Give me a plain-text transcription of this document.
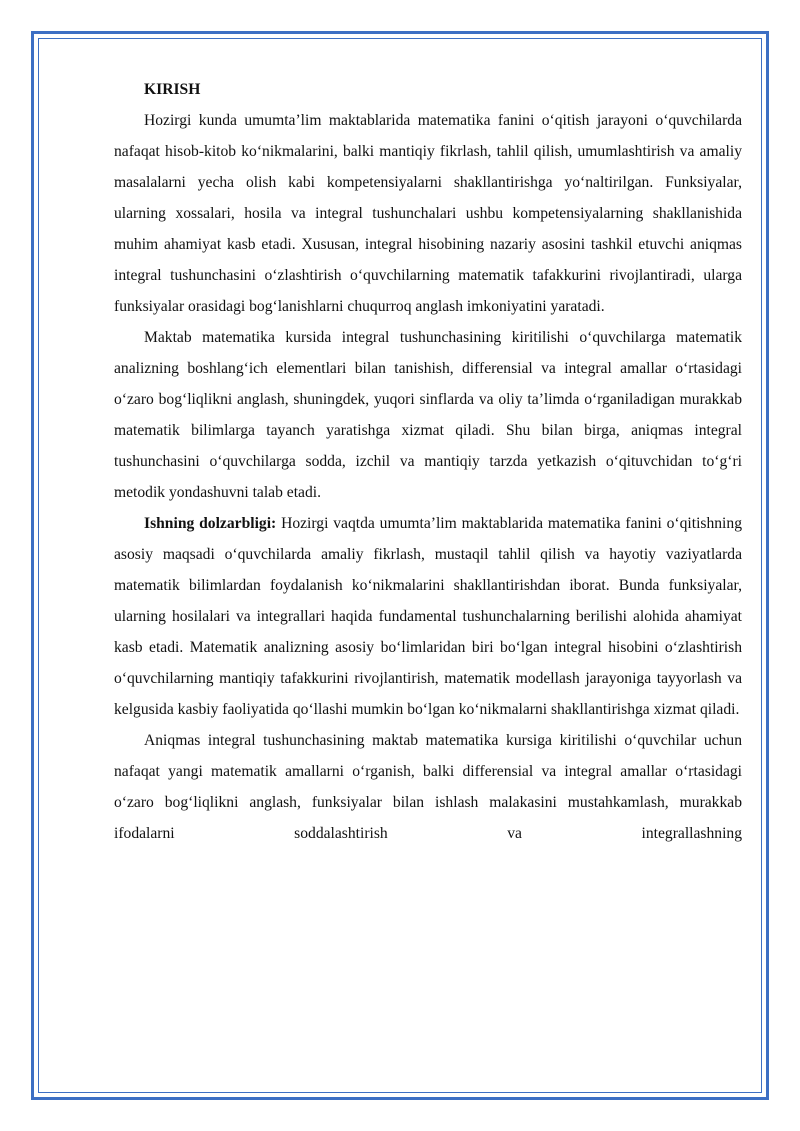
KIRISH

Hozirgi kunda umumta’lim maktablarida matematika fanini o‘qitish jarayoni o‘quvchilarda nafaqat hisob-kitob ko‘nikmalarini, balki mantiqiy fikrlash, tahlil qilish, umumlashtirish va amaliy masalalarni yecha olish kabi kompetensiyalarni shakllantirishga yo‘naltirilgan. Funksiyalar, ularning xossalari, hosila va integral tushunchalari ushbu kompetensiyalarning shakllanishida muhim ahamiyat kasb etadi. Xususan, integral hisobining nazariy asosini tashkil etuvchi aniqmas integral tushunchasini o‘zlashtirish o‘quvchilarning matematik tafakkurini rivojlantiradi, ularga funksiyalar orasidagi bog‘lanishlarni chuqurroq anglash imkoniyatini yaratadi.

Maktab matematika kursida integral tushunchasining kiritilishi o‘quvchilarga matematik analizning boshlang‘ich elementlari bilan tanishish, differensial va integral amallar o‘rtasidagi o‘zaro bog‘liqlikni anglash, shuningdek, yuqori sinflarda va oliy ta’limda o‘rganiladigan murakkab matematik bilimlarga tayanch yaratishga xizmat qiladi. Shu bilan birga, aniqmas integral tushunchasini o‘quvchilarga sodda, izchil va mantiqiy tarzda yetkazish o‘qituvchidan to‘g‘ri metodik yondashuvni talab etadi.

Ishning dolzarbligi: Hozirgi vaqtda umumta’lim maktablarida matematika fanini o‘qitishning asosiy maqsadi o‘quvchilarda amaliy fikrlash, mustaqil tahlil qilish va hayotiy vaziyatlarda matematik bilimlardan foydalanish ko‘nikmalarini shakllantirishdan iborat. Bunda funksiyalar, ularning hosilalari va integrallari haqida fundamental tushunchalarning berilishi alohida ahamiyat kasb etadi. Matematik analizning asosiy bo‘limlaridan biri bo‘lgan integral hisobini o‘zlashtirish o‘quvchilarning mantiqiy tafakkurini rivojlantirish, matematik modellash jarayoniga tayyorlash va kelgusida kasbiy faoliyatida qo‘llashi mumkin bo‘lgan ko‘nikmalarni shakllantirishga xizmat qiladi.

Aniqmas integral tushunchasining maktab matematika kursiga kiritilishi o‘quvchilar uchun nafaqat yangi matematik amallarni o‘rganish, balki differensial va integral amallar o‘rtasidagi o‘zaro bog‘liqlikni anglash, funksiyalar bilan ishlash malakasini mustahkamlash, murakkab ifodalarni soddalashtirish va integrallashning
